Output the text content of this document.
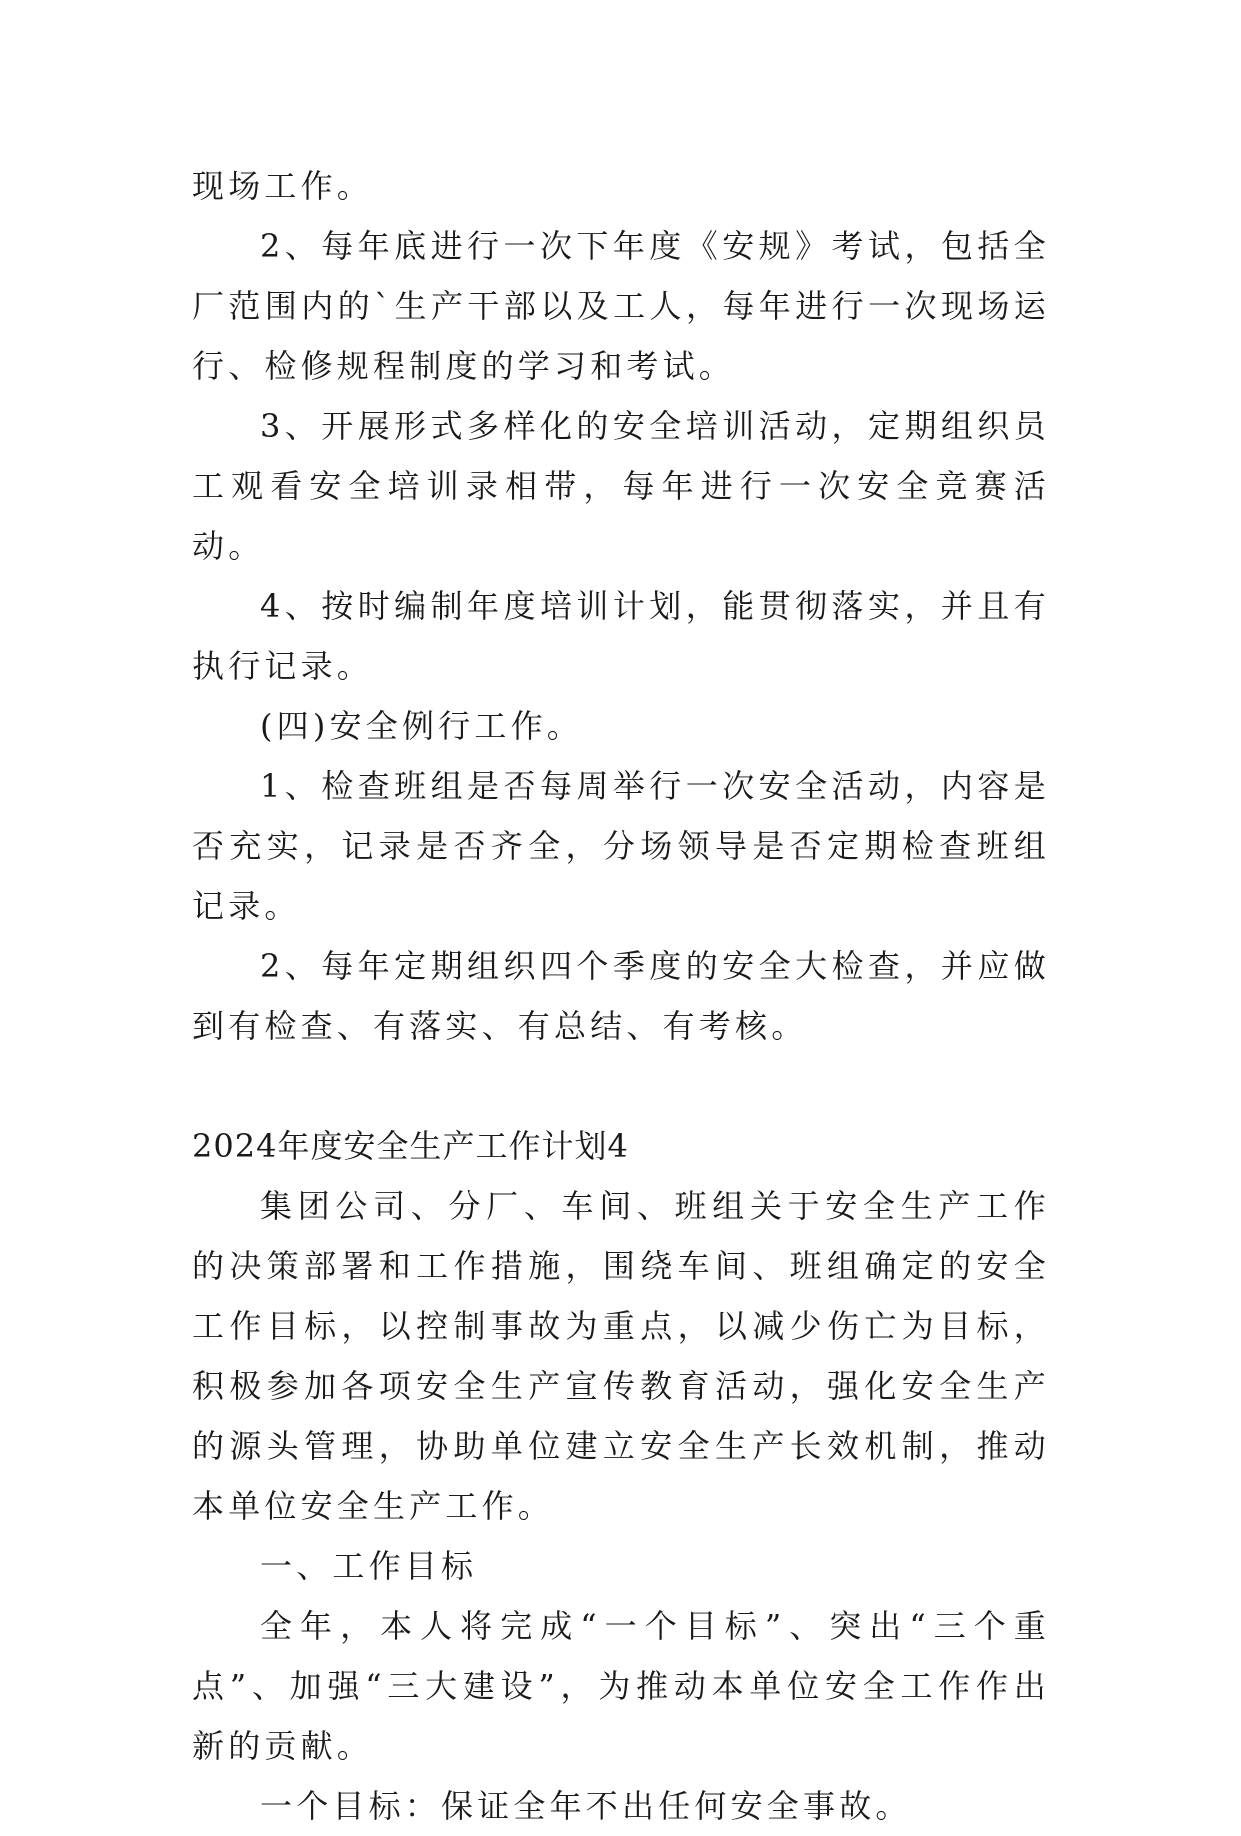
现场工作。

2、每年底进行一次下年度《安规》考试，包括全厂范围内的`生产干部以及工人，每年进行一次现场运行、检修规程制度的学习和考试。

3、开展形式多样化的安全培训活动，定期组织员工观看安全培训录相带，每年进行一次安全竞赛活动。

4、按时编制年度培训计划，能贯彻落实，并且有执行记录。

(四)安全例行工作。

1、检查班组是否每周举行一次安全活动，内容是否充实，记录是否齐全，分场领导是否定期检查班组记录。

2、每年定期组织四个季度的安全大检查，并应做到有检查、有落实、有总结、有考核。

2024年度安全生产工作计划4

集团公司、分厂、车间、班组关于安全生产工作的决策部署和工作措施，围绕车间、班组确定的安全工作目标，以控制事故为重点，以减少伤亡为目标，积极参加各项安全生产宣传教育活动，强化安全生产的源头管理，协助单位建立安全生产长效机制，推动本单位安全生产工作。

一、工作目标

全年，本人将完成“一个目标”、突出“三个重点”、加强“三大建设”，为推动本单位安全工作作出新的贡献。

一个目标：保证全年不出任何安全事故。
